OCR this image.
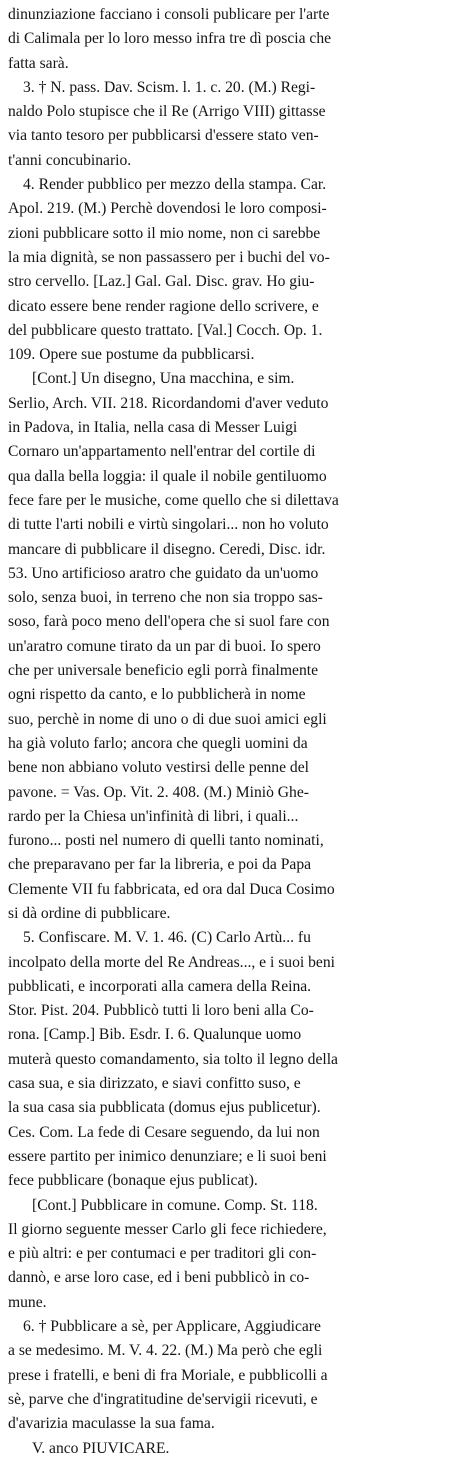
dinunziazione facciano i consoli publicare per l'arte
di Calimala per lo loro messo infra tre dì poscia che
fatta sarà.
3. † N. pass. Dav. Scism. l. 1. c. 20. (M.) Regi-
naldo Polo stupisce che il Re (Arrigo VIII) gittasse
via tanto tesoro per pubblicarsi d'essere stato ven-
t'anni concubinario.
4. Render pubblico per mezzo della stampa. Car.
Apol. 219. (M.) Perchè dovendosi le loro composi-
zioni pubblicare sotto il mio nome, non ci sarebbe
la mia dignità, se non passassero per i buchi del vo-
stro cervello. [Laz.] Gal. Gal. Disc. grav. Ho giu-
dicato essere bene render ragione dello scrivere, e
del pubblicare questo trattato. [Val.] Cocch. Op. 1.
109. Opere sue postume da pubblicarsi.
[Cont.] Un disegno, Una macchina, e sim.
Serlio, Arch. VII. 218. Ricordandomi d'aver veduto
in Padova, in Italia, nella casa di Messer Luigi
Cornaro un'appartamento nell'entrar del cortile di
qua dalla bella loggia: il quale il nobile gentiluomo
fece fare per le musiche, come quello che si dilettava
di tutte l'arti nobili e virtù singolari... non ho voluto
mancare di pubblicare il disegno. Ceredi, Disc. idr.
53. Uno artificioso aratro che guidato da un'uomo
solo, senza buoi, in terreno che non sia troppo sas-
soso, farà poco meno dell'opera che si suol fare con
un'aratro comune tirato da un par di buoi. Io spero
che per universale beneficio egli porrà finalmente
ogni rispetto da canto, e lo pubblicherà in nome
suo, perchè in nome di uno o di due suoi amici egli
ha già voluto farlo; ancora che quegli uomini da
bene non abbiano voluto vestirsi delle penne del
pavone. = Vas. Op. Vit. 2. 408. (M.) Miniò Ghe-
rardo per la Chiesa un'infinità di libri, i quali...
furono... posti nel numero di quelli tanto nominati,
che preparavano per far la libreria, e poi da Papa
Clemente VII fu fabbricata, ed ora dal Duca Cosimo
si dà ordine di pubblicare.
5. Confiscare. M. V. 1. 46. (C) Carlo Artù... fu
incolpato della morte del Re Andreas..., e i suoi beni
pubblicati, e incorporati alla camera della Reina.
Stor. Pist. 204. Pubblicò tutti li loro beni alla Co-
rona. [Camp.] Bib. Esdr. I. 6. Qualunque uomo
muterà questo comandamento, sia tolto il legno della
casa sua, e sia dirizzato, e siavi confitto suso, e
la sua casa sia pubblicata (domus ejus publicetur).
Ces. Com. La fede di Cesare seguendo, da lui non
essere partito per inimico denunziare; e li suoi beni
fece pubblicare (bonaque ejus publicat).
[Cont.] Pubblicare in comune. Comp. St. 118.
Il giorno seguente messer Carlo gli fece richiedere,
e più altri: e per contumaci e per traditori gli con-
dannò, e arse loro case, ed i beni pubblicò in co-
mune.
6. † Pubblicare a sè, per Applicare, Aggiudicare
a se medesimo. M. V. 4. 22. (M.) Ma però che egli
prese i fratelli, e beni di fra Moriale, e pubblicolli a
sè, parve che d'ingratitudine de'servigii ricevuti, e
d'avarizia maculasse la sua fama.
V. anco PIUVICARE.
